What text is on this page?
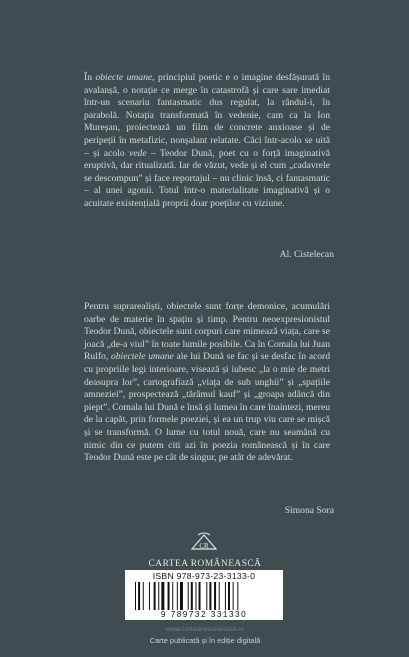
În obiecte umane, principiul poetic e o imagine desfășurată în avalanșă, o notație ce merge în catastrofă și care sare imediat într-un scenariu fantasmatic dus regulat, la rândul-i, în parabolă. Notația transformată în vedenie, cam ca la Ion Mureșan, proiectează un film de concrete anxioase și de peripeții în metafizic, nonșalant relatate. Căci într-acolo se uită – și acolo vede – Teodor Dună, poet cu o forță imaginativă eruptivă, dar ritualizată. Iar de văzut, vede și el cum „cadavrele se descompun” și face reportajul – nu clinic însă, ci fantasmatic – al unei agonii. Totul într-o materialitate imaginativă și o acuitate existențială proprii doar poeților cu viziune.

Al. Cistelecan

Pentru suprarealiști, obiectele sunt forțe demonice, acumulări oarbe de materie în spațiu și timp. Pentru neoexpresionistul Teodor Dună, obiectele sunt corpuri care mimează viața, care se joacă „de-a viul” în toate lumile posibile. Ca în Comala lui Juan Rulfo, obiectele umane ale lui Dună se fac și se desfac în acord cu propriile legi interioare, visează și iubesc „la o mie de metri deasupra lor”, cartografiază „viața de sub unghii” și „spațiile amneziei”, prospectează „tărâmul kauf” și „groapa adâncă din piept”. Comala lui Dună e însă și lumea în care înaintezi, mereu de la capăt, prin formele poeziei, și ea un trup viu care se mișcă și se transformă. O lume cu totul nouă, care nu seamănă cu nimic din ce putem citi azi în poezia românească și în care Teodor Dună este pe cât de singur, pe atât de adevărat.

Simona Sora
CR
CARTEA ROMÂNEASCĂ
ISBN 978-973-23-3133-0
9 789732 331330
www.cartearomaneasca.ro
Carte publicată și în ediție digitală
